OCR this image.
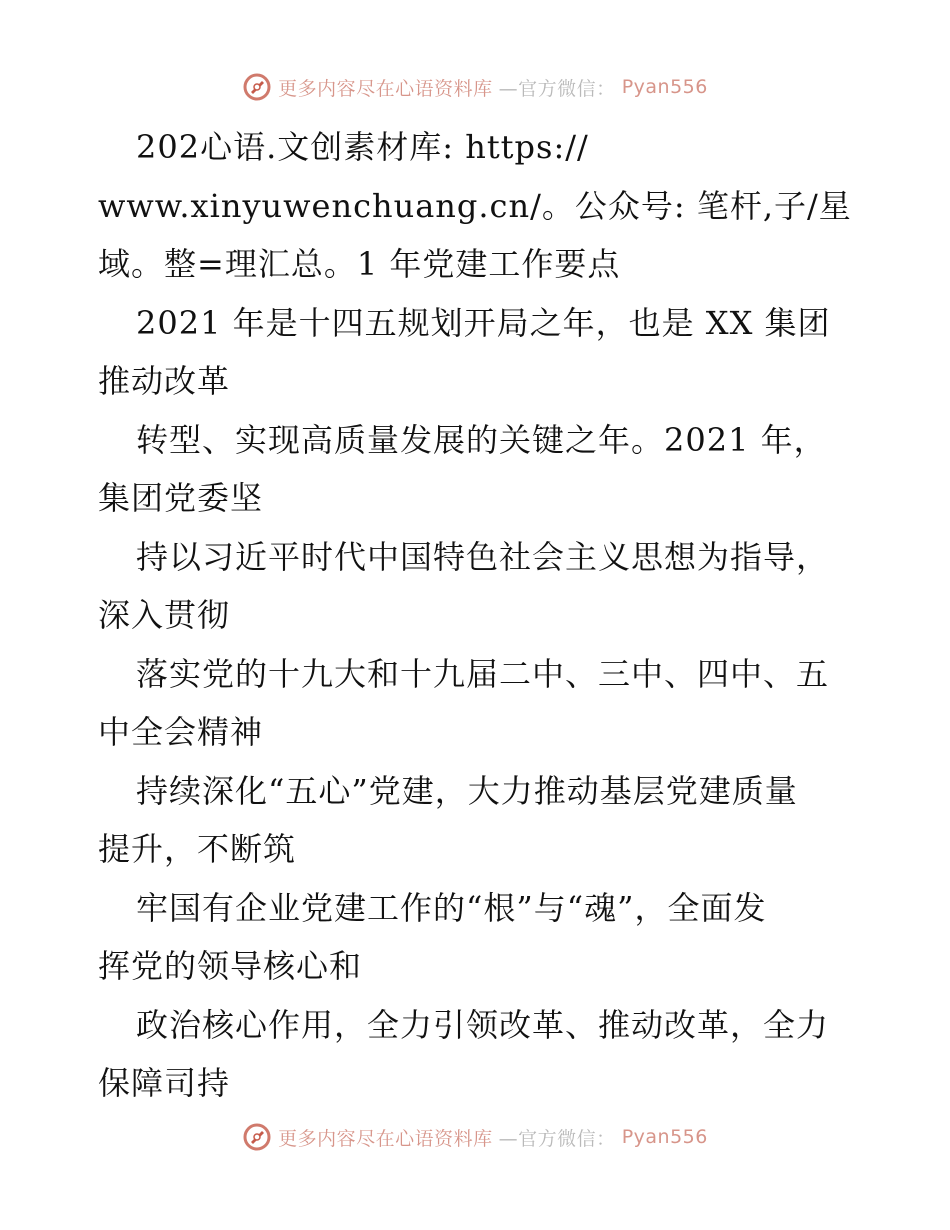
更多内容尽在心语资料库 —官方微信： Pyan556
202心语.文创素材库: https://
www.xinyuwenchuang.cn/。公众号: 笔杆,子/星
域。整=理汇总。1 年党建工作要点
2021 年是十四五规划开局之年，也是 XX 集团
推动改革
转型、实现高质量发展的关键之年。2021 年，
集团党委坚
持以习近平时代中国特色社会主义思想为指导，
深入贯彻
落实党的十九大和十九届二中、三中、四中、五
中全会精神
持续深化“五心”党建，大力推动基层党建质量
提升，不断筑
牢国有企业党建工作的“根”与“魂”，全面发
挥党的领导核心和
政治核心作用，全力引领改革、推动改革，全力
保障司持
更多内容尽在心语资料库 —官方微信： Pyan556
